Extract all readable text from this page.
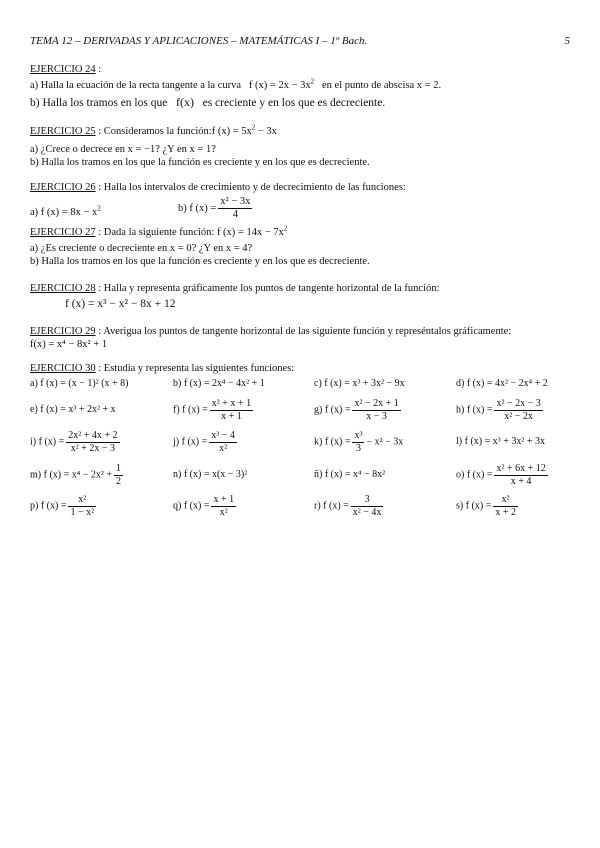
TEMA 12 – DERIVADAS Y APLICACIONES – MATEMÁTICAS I – 1º Bach.	5
EJERCICIO 24 :
a) Halla la ecuación de la recta tangente a la curva f $(x) = 2x - 3x^2$ en el punto de abscisa x = 2.
b) Halla los tramos en los que f(x) es creciente y en los que es decreciente.
EJERCICIO 25 : Consideramos la función:f $(x) = 5x^2 - 3x$
a) ¿Crece o decrece en x = −1? ¿Y en x = 1?
b) Halla los tramos en los que la función es creciente y en los que es decreciente.
EJERCICIO 26 : Halla los intervalos de crecimiento y de decrecimiento de las funciones:
a) f $(x) = 8x - x^2$	b) f $(x) = \frac{\text{x² − 3x}}{4}$
EJERCICIO 27 : Dada la siguiente función: f $(x) = 14x - 7x^2$
a) ¿Es creciente o decreciente en x = 0? ¿Y en x = 4?
b) Halla los tramos en los que la función es creciente y en los que es decreciente.
EJERCICIO 28 : Halla y representa gráficamente los puntos de tangente horizontal de la función:
f (x) = x³ − x² − 8x + 12
EJERCICIO 29 : Averigua los puntos de tangente horizontal de las siguiente función y represéntalos gráficamente:
f(x) = x⁴ − 8x² + 1
EJERCICIO 30 : Estudia y representa las siguientes funciones:
a) f (x) = (x − 1)² (x + 8)	b) f (x) = 2x⁴ − 4x² + 1	c) f (x) = x³ + 3x² − 9x	d) f (x) = 4x² − 2x⁴ + 2
e) f (x) = x³ + 2x² + x	f) f $(x) = \frac{\text{x² + x + 1}}{x + 1}$	g) f $(x) = \frac{\text{x² − 2x + 1}}{x - 3}$	h) f $(x) = \frac{\text{x² − 2x − 3}}{\text{x² − 2x}}$
i) f $(x) = \frac{\text{2x² + 4x + 2}}{\text{x² + 2x − 3}}$	j) f $(x) = \frac{\text{x³ − 4}}{\text{x²}}$	k) f $(x) = \frac{\text{x³}}{3} - x^2 - 3x$	l) f (x) = x³ + 3x² + 3x
m) f $(x) = x^4 - 2x^2 + \frac{1}{2}$	n) f (x) = x(x − 3)²	ñ) f (x) = x⁴ − 8x²	o) f $(x) = \frac{\text{x² + 6x + 12}}{x + 4}$
p) f $(x) = \frac{\text{x²}}{\text{1 − x²}}$	q) f $(x) = \frac{x + 1}{\text{x²}}$	r) f $(x) = \frac{3}{\text{x² − 4x}}$	s) f $(x) = \frac{\text{x²}}{x + 2}$
